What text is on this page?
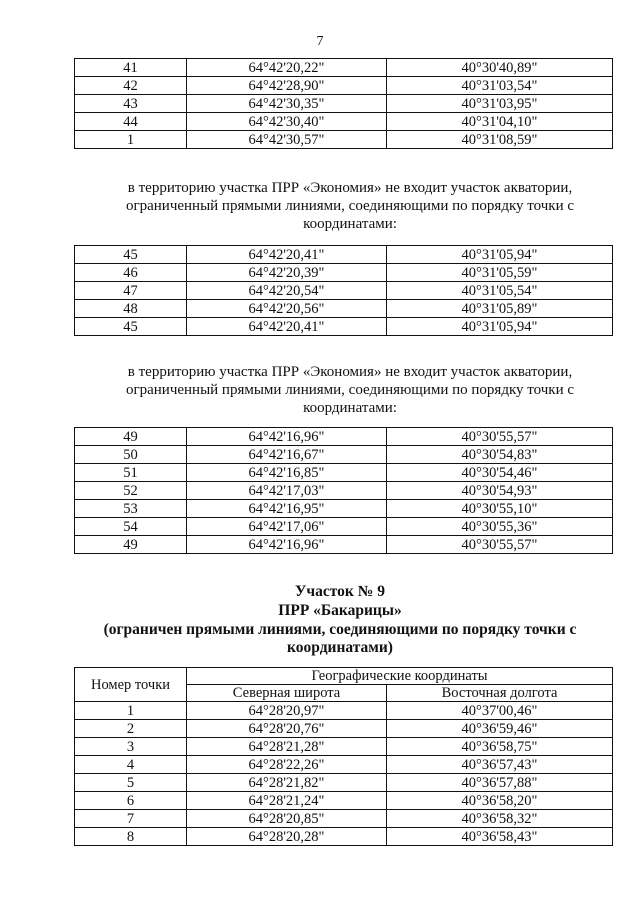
7
41	64°42'20,22"	40°30'40,89"
42	64°42'28,90"	40°31'03,54"
43	64°42'30,35"	40°31'03,95"
44	64°42'30,40"	40°31'04,10"
1	64°42'30,57"	40°31'08,59"
в территорию участка ПРР «Экономия» не входит участок акватории, ограниченный прямыми линиями, соединяющими по порядку точки с координатами:
45	64°42'20,41"	40°31'05,94"
46	64°42'20,39"	40°31'05,59"
47	64°42'20,54"	40°31'05,54"
48	64°42'20,56"	40°31'05,89"
45	64°42'20,41"	40°31'05,94"
в территорию участка ПРР «Экономия» не входит участок акватории, ограниченный прямыми линиями, соединяющими по порядку точки с координатами:
49	64°42'16,96"	40°30'55,57"
50	64°42'16,67"	40°30'54,83"
51	64°42'16,85"	40°30'54,46"
52	64°42'17,03"	40°30'54,93"
53	64°42'16,95"	40°30'55,10"
54	64°42'17,06"	40°30'55,36"
49	64°42'16,96"	40°30'55,57"
Участок № 9
ПРР «Бакарицы»
(ограничен прямыми линиями, соединяющими по порядку точки с координатами)
Номер точки	Географические координаты	
	Северная широта	Восточная долгота
1	64°28'20,97"	40°37'00,46"
2	64°28'20,76"	40°36'59,46"
3	64°28'21,28"	40°36'58,75"
4	64°28'22,26"	40°36'57,43"
5	64°28'21,82"	40°36'57,88"
6	64°28'21,24"	40°36'58,20"
7	64°28'20,85"	40°36'58,32"
8	64°28'20,28"	40°36'58,43"
